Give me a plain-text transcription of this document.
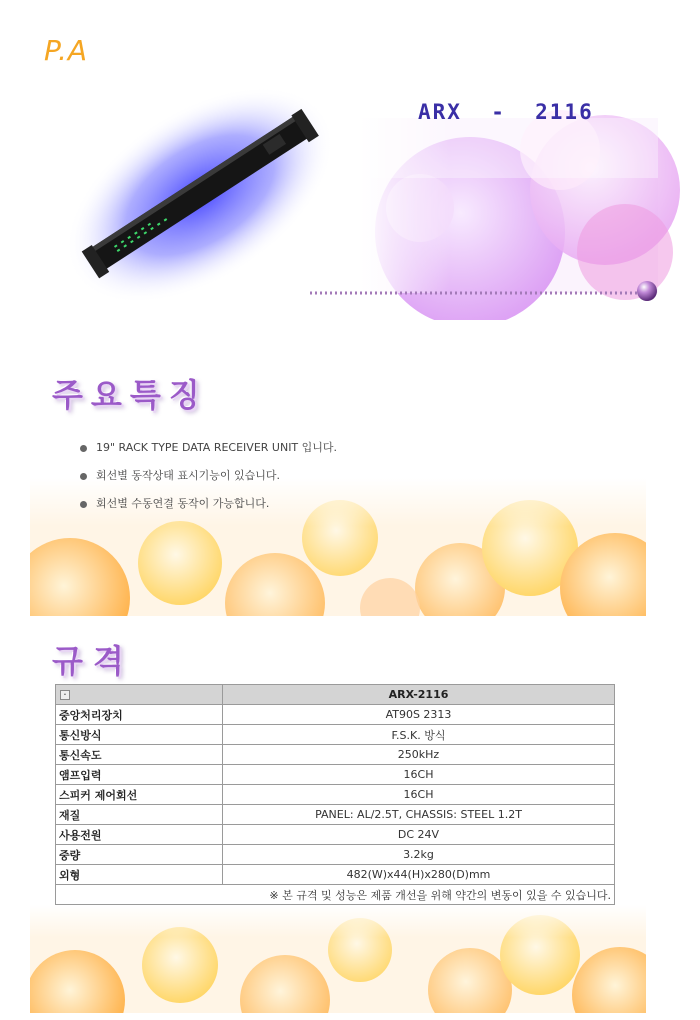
P.A
ARX  -  2116
주요특징
19" RACK TYPE DATA RECEIVER UNIT 입니다.
회선별 동작상태 표시기능이 있습니다.
회선별 수동연결 동작이 가능합니다.
규격
·	ARX-2116
중앙처리장치	AT90S 2313
통신방식	F.S.K. 방식
통신속도	250kHz
앰프입력	16CH
스피커 제어회선	16CH
재질	PANEL: AL/2.5T, CHASSIS: STEEL 1.2T
사용전원	DC 24V
중량	3.2kg
외형	482(W)x44(H)x280(D)mm
※ 본 규격 및 성능은 제품 개선을 위해 약간의 변동이 있을 수 있습니다.	
